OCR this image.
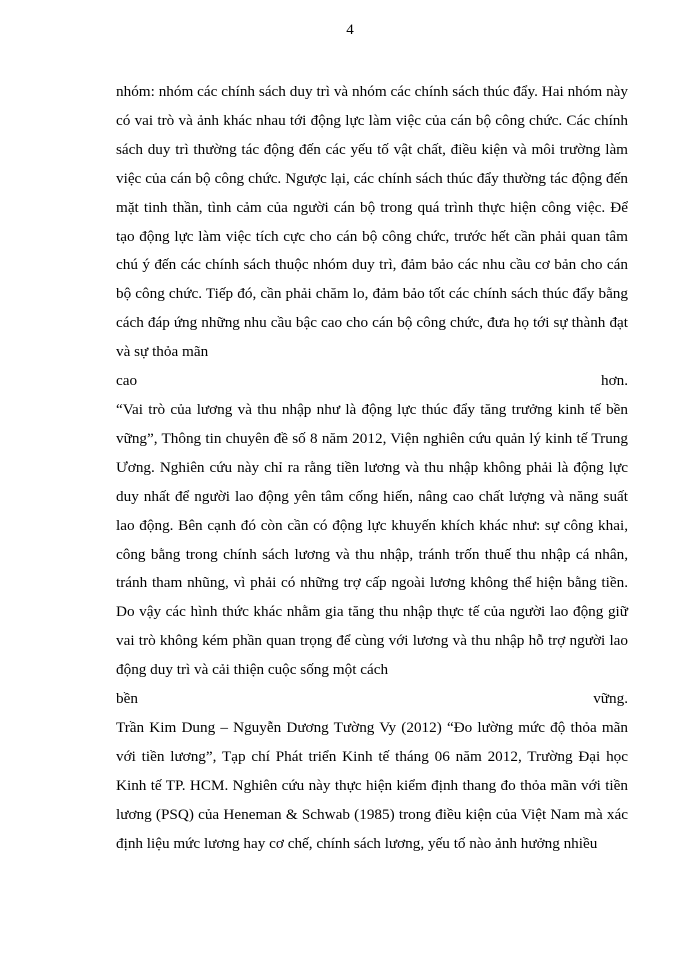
4

nhóm: nhóm các chính sách duy trì và nhóm các chính sách thúc đẩy. Hai nhóm này có vai trò và ảnh khác nhau tới động lực làm việc của cán bộ công chức. Các chính sách duy trì thường tác động đến các yếu tố vật chất, điều kiện và môi trường làm việc của cán bộ công chức. Ngược lại, các chính sách thúc đẩy thường tác động đến mặt tinh thần, tình cảm của người cán bộ trong quá trình thực hiện công việc. Để tạo động lực làm việc tích cực cho cán bộ công chức, trước hết cần phải quan tâm chú ý đến các chính sách thuộc nhóm duy trì, đảm bảo các nhu cầu cơ bản cho cán bộ công chức. Tiếp đó, cần phải chăm lo, đảm bảo tốt các chính sách thúc đẩy bằng cách đáp ứng những nhu cầu bậc cao cho cán bộ công chức, đưa họ tới sự thành đạt và sự thỏa mãn

cao	hơn.

“Vai trò của lương và thu nhập như là động lực thúc đẩy tăng trưởng kinh tế bền vững”, Thông tin chuyên đề số 8 năm 2012, Viện nghiên cứu quản lý kinh tế Trung Ương. Nghiên cứu này chỉ ra rằng tiền lương và thu nhập không phải là động lực duy nhất để người lao động yên tâm cống hiến, nâng cao chất lượng và năng suất lao động. Bên cạnh đó còn cần có động lực khuyến khích khác như: sự công khai, công bằng trong chính sách lương và thu nhập, tránh trốn thuế thu nhập cá nhân, tránh tham nhũng, vì phải có những trợ cấp ngoài lương không thể hiện bằng tiền. Do vậy các hình thức khác nhằm gia tăng thu nhập thực tế của người lao động giữ vai trò không kém phần quan trọng để cùng với lương và thu nhập hỗ trợ người lao động duy trì và cải thiện cuộc sống một cách

bền	vững.

Trần Kim Dung – Nguyễn Dương Tường Vy (2012) “Đo lường mức độ thỏa mãn với tiền lương”, Tạp chí Phát triển Kinh tế tháng 06 năm 2012, Trường Đại học Kinh tế TP. HCM. Nghiên cứu này thực hiện kiểm định thang đo thỏa mãn với tiền lương (PSQ) của Heneman & Schwab (1985) trong điều kiện của Việt Nam mà xác định liệu mức lương hay cơ chế, chính sách lương, yếu tố nào ảnh hưởng nhiều
